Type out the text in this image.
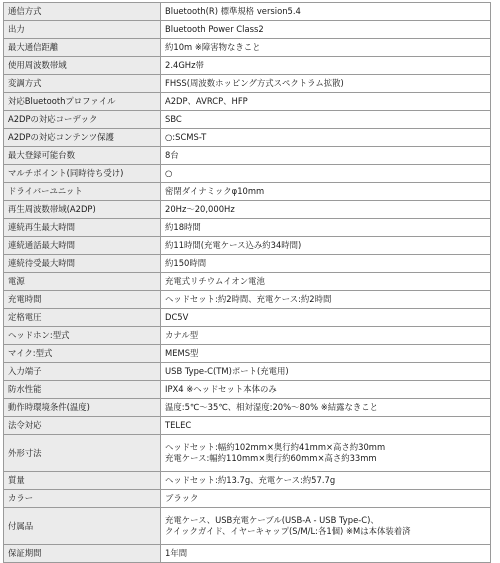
通信方式	Bluetooth(R) 標準規格 version5.4

出力	Bluetooth Power Class2

最大通信距離	約10m ※障害物なきこと

使用周波数帯域	2.4GHz帯

変調方式	FHSS(周波数ホッピング方式スペクトラム拡散)

対応Bluetoothプロファイル	A2DP、AVRCP、HFP

A2DPの対応コーデック	SBC

A2DPの対応コンテンツ保護	○:SCMS-T

最大登録可能台数	8台

マルチポイント(同時待ち受け)	○

ドライバーユニット	密閉ダイナミックφ10mm

再生周波数帯域(A2DP)	20Hz～20,000Hz

連続再生最大時間	約18時間

連続通話最大時間	約11時間(充電ケース込み約34時間)

連続待受最大時間	約150時間

電源	充電式リチウムイオン電池

充電時間	ヘッドセット:約2時間、充電ケース:約2時間

定格電圧	DC5V

ヘッドホン:型式	カナル型

マイク:型式	MEMS型

入力端子	USB Type-C(TM)ポート(充電用)

防水性能	IPX4 ※ヘッドセット本体のみ

動作時環境条件(温度)	温度:5℃～35℃、相対湿度:20%～80% ※結露なきこと

法令対応	TELEC

外形寸法	ヘッドセット:幅約102mm×奥行約41mm×高さ約30mm
充電ケース:幅約110mm×奥行約60mm×高さ約33mm

質量	ヘッドセット:約13.7g、充電ケース:約57.7g

カラー	ブラック

付属品	充電ケース、USB充電ケーブル(USB-A - USB Type-C)、
クイックガイド、イヤーキャップ(S/M/L:各1個) ※Mは本体装着済

保証期間	1年間
